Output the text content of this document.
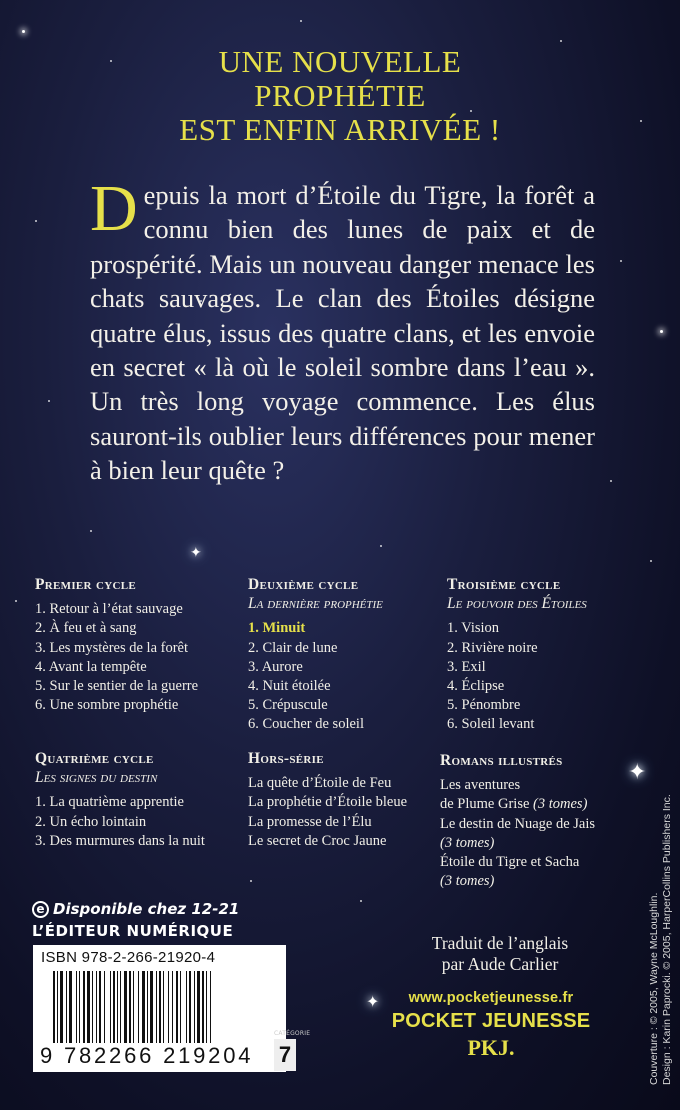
✦
✦
✦
UNE NOUVELLE
PROPHÉTIE
EST ENFIN ARRIVÉE !
Depuis la mort d’Étoile du Tigre, la forêt a connu bien des lunes de paix et de prospérité. Mais un nouveau danger menace les chats sauvages. Le clan des Étoiles désigne quatre élus, issus des quatre clans, et les envoie en secret « là où le soleil sombre dans l’eau ». Un très long voyage commence. Les élus sauront-ils oublier leurs différences pour mener à bien leur quête ?
Premier cycle
1. Retour à l’état sauvage
2. À feu et à sang
3. Les mystères de la forêt
4. Avant la tempête
5. Sur le sentier de la guerre
6. Une sombre prophétie
Deuxième cycle
La dernière prophétie
1. Minuit
2. Clair de lune
3. Aurore
4. Nuit étoilée
5. Crépuscule
6. Coucher de soleil
Troisième cycle
Le pouvoir des Étoiles
1. Vision
2. Rivière noire
3. Exil
4. Éclipse
5. Pénombre
6. Soleil levant
Quatrième cycle
Les signes du destin
1. La quatrième apprentie
2. Un écho lointain
3. Des murmures dans la nuit
Hors-série
La quête d’Étoile de Feu
La prophétie d’Étoile bleue
La promesse de l’Élu
Le secret de Croc Jaune
Romans illustrés
Les aventures
de Plume Grise (3 tomes)
Le destin de Nuage de Jais
(3 tomes)
Étoile du Tigre et Sacha
(3 tomes)
e Disponible chez 12-21
L’ÉDITEUR NUMÉRIQUE
ISBN 978-2-266-21920-4
9 782266 219204
CATÉGORIE
7
Traduit de l’anglais
par Aude Carlier
www.pocketjeunesse.fr
POCKET JEUNESSE
PKJ.	Couverture : © 2005, Wayne McLoughlin. Design : Karin Paprocki. © 2005, HarperCollins Publishers Inc.
